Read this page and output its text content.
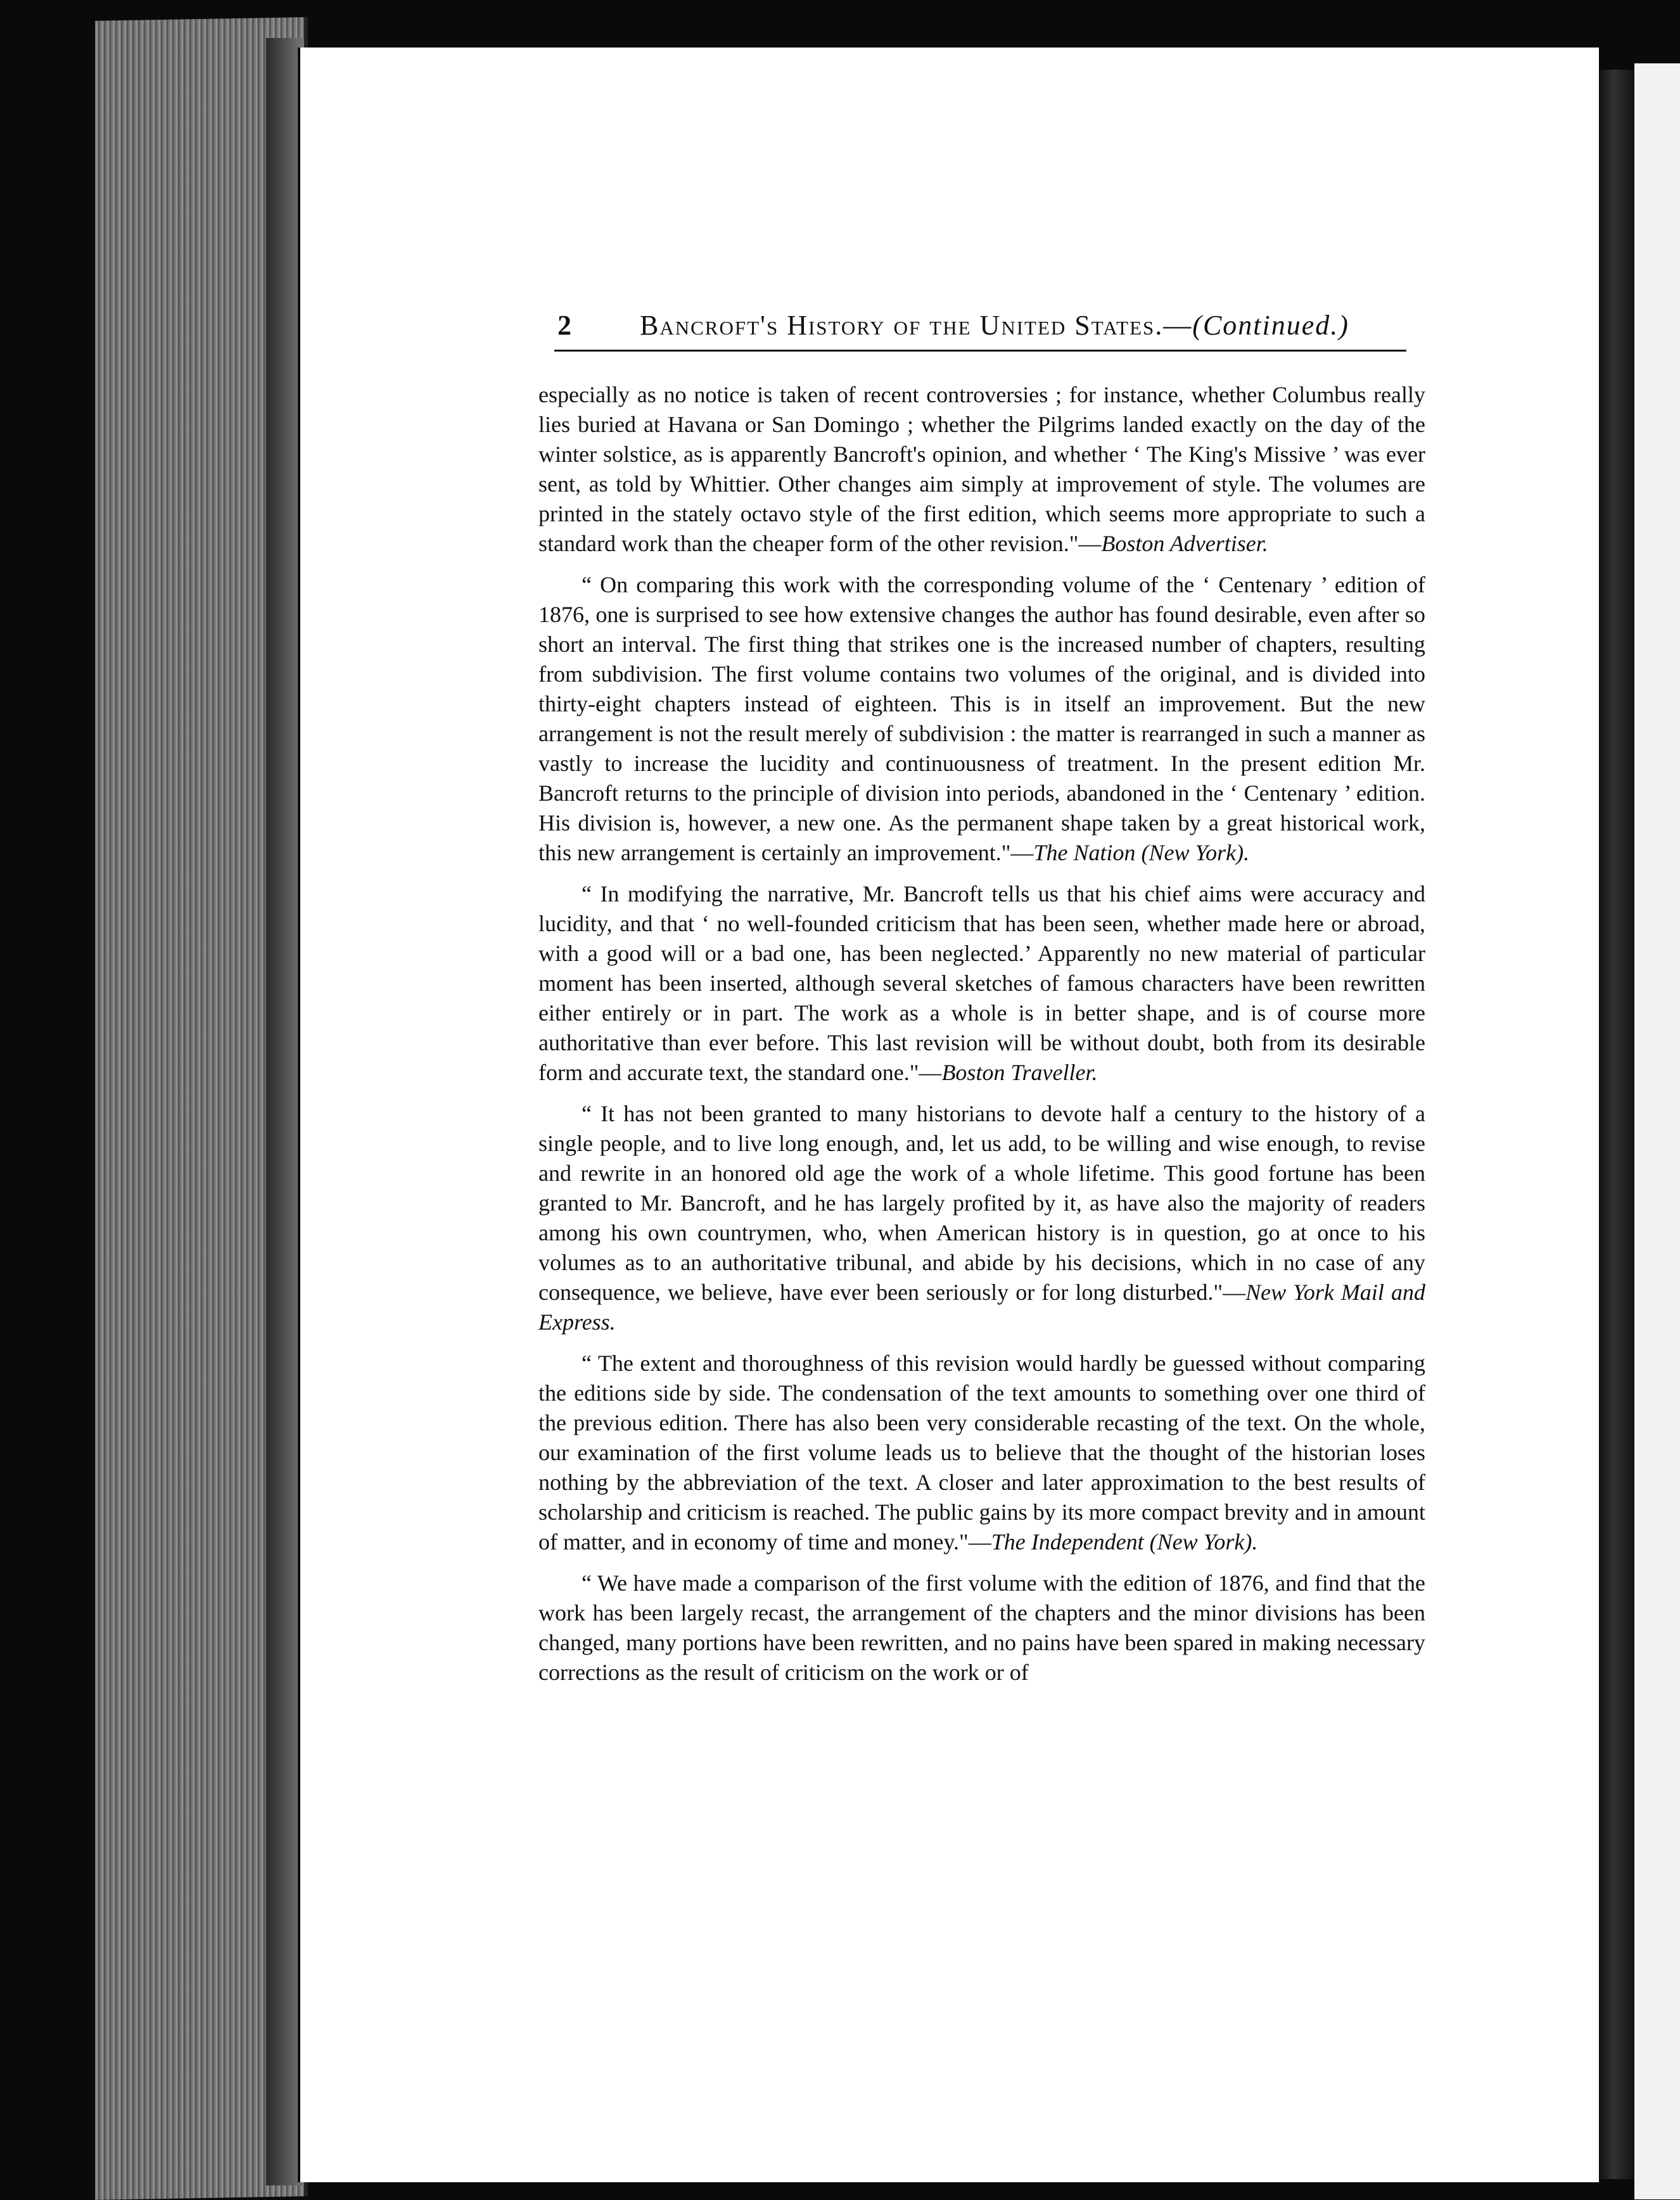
2 Bancroft's History of the United States.—(Continued.)

especially as no notice is taken of recent controversies ; for instance, whether Columbus really lies buried at Havana or San Domingo ; whether the Pilgrims landed exactly on the day of the winter solstice, as is apparently Bancroft's opinion, and whether ‘ The King's Missive ’ was ever sent, as told by Whittier. Other changes aim simply at improvement of style. The volumes are printed in the stately octavo style of the first edition, which seems more appropriate to such a standard work than the cheaper form of the other revision."—Boston Advertiser.

“ On comparing this work with the corresponding volume of the ‘ Centenary ’ edition of 1876, one is surprised to see how extensive changes the author has found desirable, even after so short an interval. The first thing that strikes one is the increased number of chapters, resulting from subdivision. The first volume contains two volumes of the original, and is divided into thirty-eight chapters instead of eighteen. This is in itself an improvement. But the new arrangement is not the result merely of subdivision : the matter is rearranged in such a manner as vastly to increase the lucidity and continuousness of treatment. In the present edition Mr. Bancroft returns to the principle of division into periods, abandoned in the ‘ Centenary ’ edition. His division is, however, a new one. As the permanent shape taken by a great historical work, this new arrangement is certainly an improvement."—The Nation (New York).

“ In modifying the narrative, Mr. Bancroft tells us that his chief aims were accuracy and lucidity, and that ‘ no well-founded criticism that has been seen, whether made here or abroad, with a good will or a bad one, has been neglected.’ Apparently no new material of particular moment has been inserted, although several sketches of famous characters have been rewritten either entirely or in part. The work as a whole is in better shape, and is of course more authoritative than ever before. This last revision will be without doubt, both from its desirable form and accurate text, the standard one."—Boston Traveller.

“ It has not been granted to many historians to devote half a century to the history of a single people, and to live long enough, and, let us add, to be willing and wise enough, to revise and rewrite in an honored old age the work of a whole lifetime. This good fortune has been granted to Mr. Bancroft, and he has largely profited by it, as have also the majority of readers among his own countrymen, who, when American history is in question, go at once to his volumes as to an authoritative tribunal, and abide by his decisions, which in no case of any consequence, we believe, have ever been seriously or for long disturbed."—New York Mail and Express.

“ The extent and thoroughness of this revision would hardly be guessed without comparing the editions side by side. The condensation of the text amounts to something over one third of the previous edition. There has also been very considerable recasting of the text. On the whole, our examination of the first volume leads us to believe that the thought of the historian loses nothing by the abbreviation of the text. A closer and later approximation to the best results of scholarship and criticism is reached. The public gains by its more compact brevity and in amount of matter, and in economy of time and money."—The Independent (New York).

“ We have made a comparison of the first volume with the edition of 1876, and find that the work has been largely recast, the arrangement of the chapters and the minor divisions has been changed, many portions have been rewritten, and no pains have been spared in making necessary corrections as the result of criticism on the work or of
